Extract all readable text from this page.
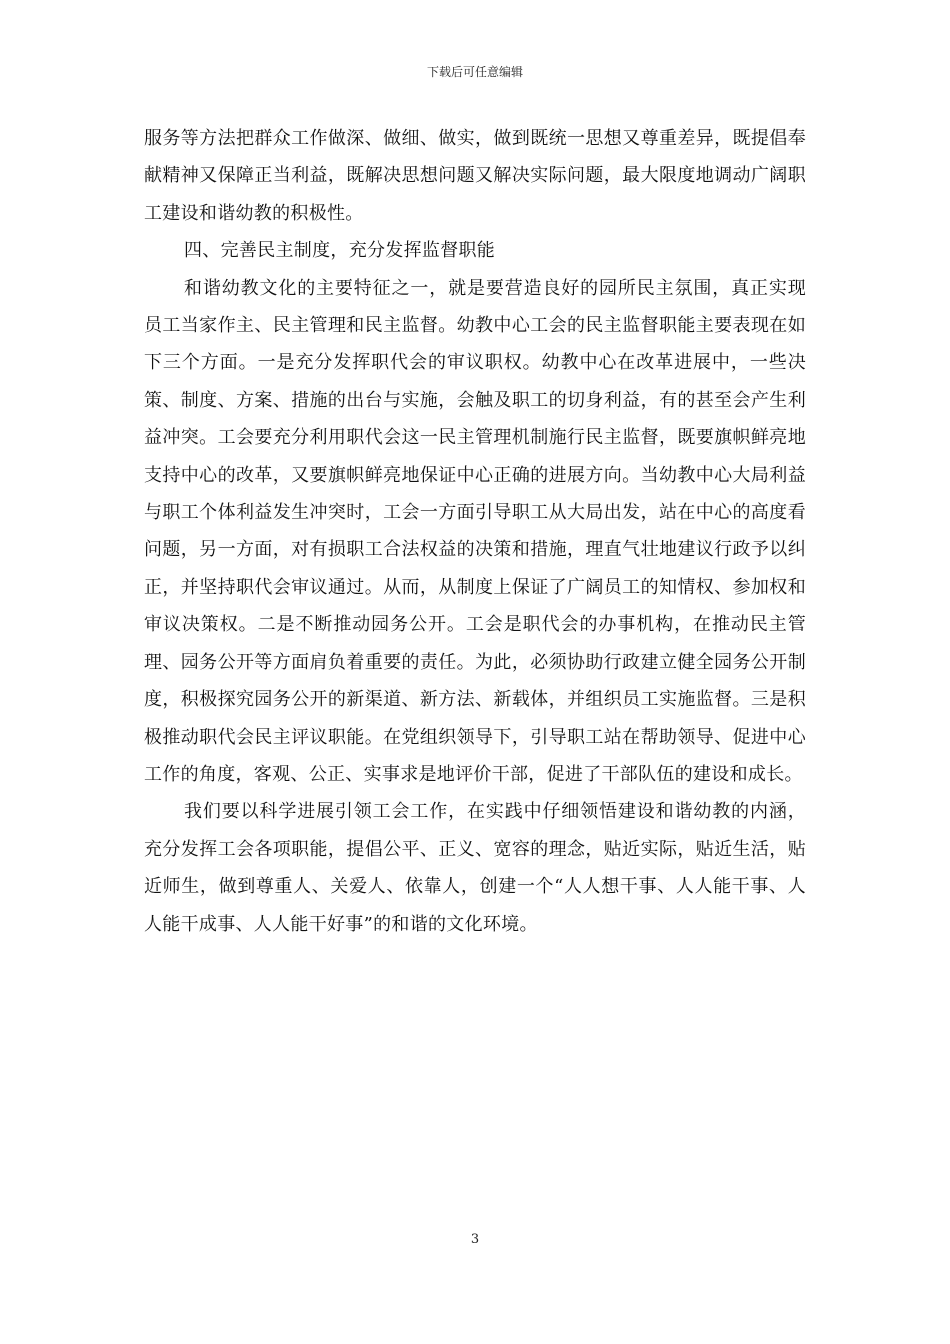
下载后可任意编辑

服务等方法把群众工作做深、做细、做实，做到既统一思想又尊重差异，既提倡奉献精神又保障正当利益，既解决思想问题又解决实际问题，最大限度地调动广阔职工建设和谐幼教的积极性。

四、完善民主制度，充分发挥监督职能

和谐幼教文化的主要特征之一，就是要营造良好的园所民主氛围，真正实现员工当家作主、民主管理和民主监督。幼教中心工会的民主监督职能主要表现在如下三个方面。一是充分发挥职代会的审议职权。幼教中心在改革进展中，一些决策、制度、方案、措施的出台与实施，会触及职工的切身利益，有的甚至会产生利益冲突。工会要充分利用职代会这一民主管理机制施行民主监督，既要旗帜鲜亮地支持中心的改革，又要旗帜鲜亮地保证中心正确的进展方向。当幼教中心大局利益与职工个体利益发生冲突时，工会一方面引导职工从大局出发，站在中心的高度看问题，另一方面，对有损职工合法权益的决策和措施，理直气壮地建议行政予以纠正，并坚持职代会审议通过。从而，从制度上保证了广阔员工的知情权、参加权和审议决策权。二是不断推动园务公开。工会是职代会的办事机构，在推动民主管理、园务公开等方面肩负着重要的责任。为此，必须协助行政建立健全园务公开制度，积极探究园务公开的新渠道、新方法、新载体，并组织员工实施监督。三是积极推动职代会民主评议职能。在党组织领导下，引导职工站在帮助领导、促进中心工作的角度，客观、公正、实事求是地评价干部，促进了干部队伍的建设和成长。

我们要以科学进展引领工会工作，在实践中仔细领悟建设和谐幼教的内涵，充分发挥工会各项职能，提倡公平、正义、宽容的理念，贴近实际，贴近生活，贴近师生，做到尊重人、关爱人、依靠人，创建一个“人人想干事、人人能干事、人人能干成事、人人能干好事”的和谐的文化环境。

3
